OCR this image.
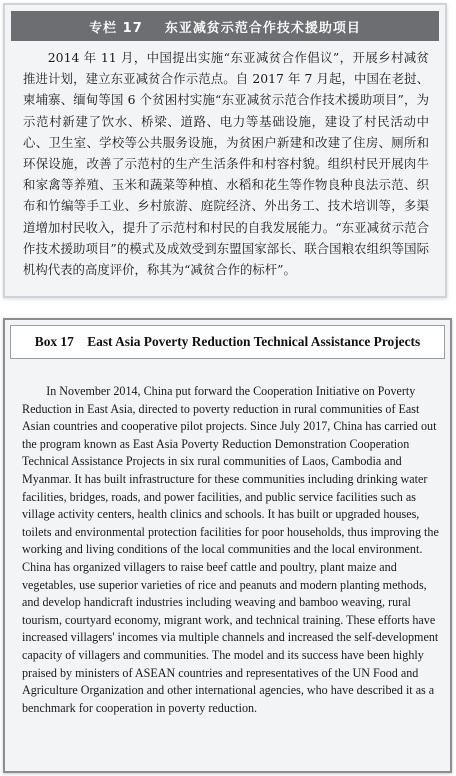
专栏 17    东亚减贫示范合作技术援助项目

2014 年 11 月，中国提出实施“东亚减贫合作倡议”，开展乡村减贫推进计划，建立东亚减贫合作示范点。自 2017 年 7 月起，中国在老挝、柬埔寨、缅甸等国 6 个贫困村实施“东亚减贫示范合作技术援助项目”，为示范村新建了饮水、桥梁、道路、电力等基础设施，建设了村民活动中心、卫生室、学校等公共服务设施，为贫困户新建和改建了住房、厕所和环保设施，改善了示范村的生产生活条件和村容村貌。组织村民开展肉牛和家禽等养殖、玉米和蔬菜等种植、水稻和花生等作物良种良法示范、织布和竹编等手工业、乡村旅游、庭院经济、外出务工、技术培训等，多渠道增加村民收入，提升了示范村和村民的自我发展能力。“东亚减贫示范合作技术援助项目”的模式及成效受到东盟国家部长、联合国粮农组织等国际机构代表的高度评价，称其为“减贫合作的标杆”。

Box 17    East Asia Poverty Reduction Technical Assistance Projects

In November 2014, China put forward the Cooperation Initiative on Poverty Reduction in East Asia, directed to poverty reduction in rural communities of East Asian countries and cooperative pilot projects. Since July 2017, China has carried out the program known as East Asia Poverty Reduction Demonstration Cooperation Technical Assistance Projects in six rural communities of Laos, Cambodia and Myanmar. It has built infrastructure for these communities including drinking water facilities, bridges, roads, and power facilities, and public service facilities such as village activity centers, health clinics and schools. It has built or upgraded houses, toilets and environmental protection facilities for poor households, thus improving the working and living conditions of the local communities and the local environment. China has organized villagers to raise beef cattle and poultry, plant maize and vegetables, use superior varieties of rice and peanuts and modern planting methods, and develop handicraft industries including weaving and bamboo weaving, rural tourism, courtyard economy, migrant work, and technical training. These efforts have increased villagers' incomes via multiple channels and increased the self-development capacity of villagers and communities. The model and its success have been highly praised by ministers of ASEAN countries and representatives of the UN Food and Agriculture Organization and other international agencies, who have described it as a benchmark for cooperation in poverty reduction.
